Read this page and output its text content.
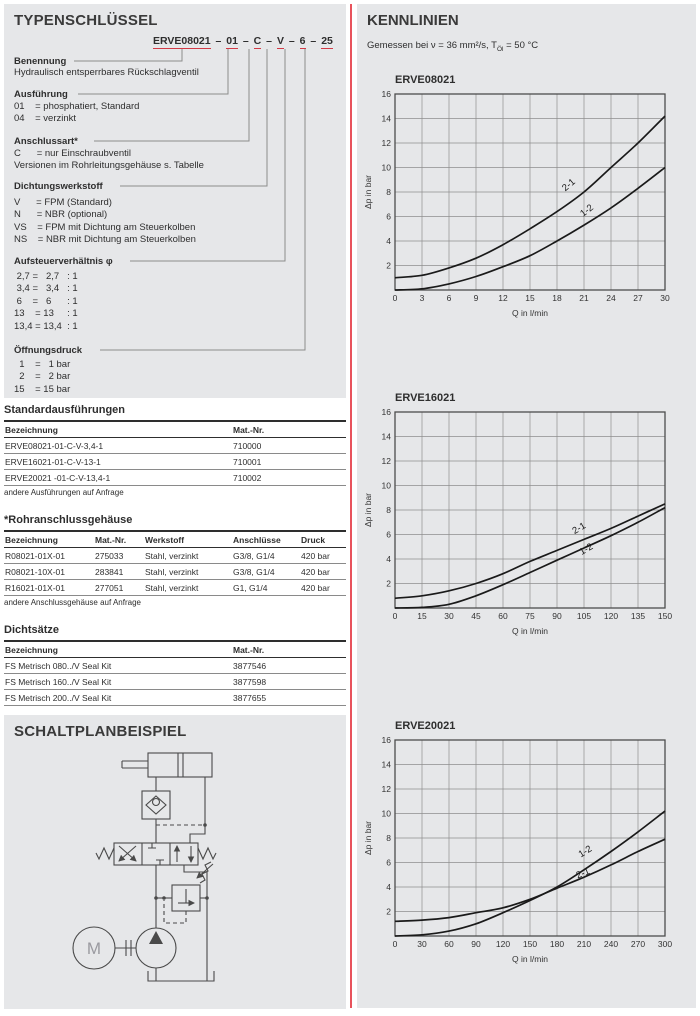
TYPENSCHLÜSSEL
ERVE08021 – 01 – C – V – 6 – 25
Benennung
Hydraulisch entsperrbares Rückschlagventil
Ausführung
01    = phosphatiert, Standard
04    = verzinkt
Anschlussart*
C      = nur Einschraubventil
Versionen im Rohrleitungsgehäuse s. Tabelle
Dichtungswerkstoff
V      = FPM (Standard)
N      = NBR (optional)
VS    = FPM mit Dichtung am Steuerkolben
NS    = NBR mit Dichtung am Steuerkolben
Aufsteuerverhältnis φ
2,7 =   2,7   : 1
3,4 =   3,4   : 1
6    =   6      : 1
13    = 13     : 1
13,4 = 13,4  : 1
Öffnungsdruck
1    =   1 bar
2    =   2 bar
15    = 15 bar
Standardausführungen
Bezeichnung	Mat.-Nr.
ERVE08021-01-C-V-3,4-1	710000
ERVE16021-01-C-V-13-1	710001
ERVE20021 -01-C-V-13,4-1	710002
andere Ausführungen auf Anfrage
*Rohranschlussgehäuse
Bezeichnung	Mat.-Nr.	Werkstoff	Anschlüsse	Druck
R08021-01X-01	275033	Stahl, verzinkt	G3/8, G1/4	420 bar
R08021-10X-01	283841	Stahl, verzinkt	G3/8, G1/4	420 bar
R16021-01X-01	277051	Stahl, verzinkt	G1, G1/4	420 bar
andere Anschlussgehäuse auf Anfrage
Dichtsätze
Bezeichnung	Mat.-Nr.
FS Metrisch 080../V Seal Kit	3877546
FS Metrisch 160../V Seal Kit	3877598
FS Metrisch 200../V Seal Kit	3877655
SCHALTPLANBEISPIEL
M
KENNLINIEN
Gemessen bei ν = 36 mm²/s, $T_{Öl} = 50$ °C
ERVE08021
0	3	6	9 12 15 18 21 24 27 30
2
4
6
8
10
12
14
16
2-1
1-2
Q in l/min
Δp in bar
ERVE16021
0 15 30 45 60 75 90 105 120 135 150
2
4
6
8
10
12
14
16
2-1
1-2
Q in l/min
Δp in bar
ERVE20021
0 30 60 90 120 150 180 210 240 270 300
2
4
6
8
10
12
14
16
1-2
2-1
Q in l/min
Δp in bar
